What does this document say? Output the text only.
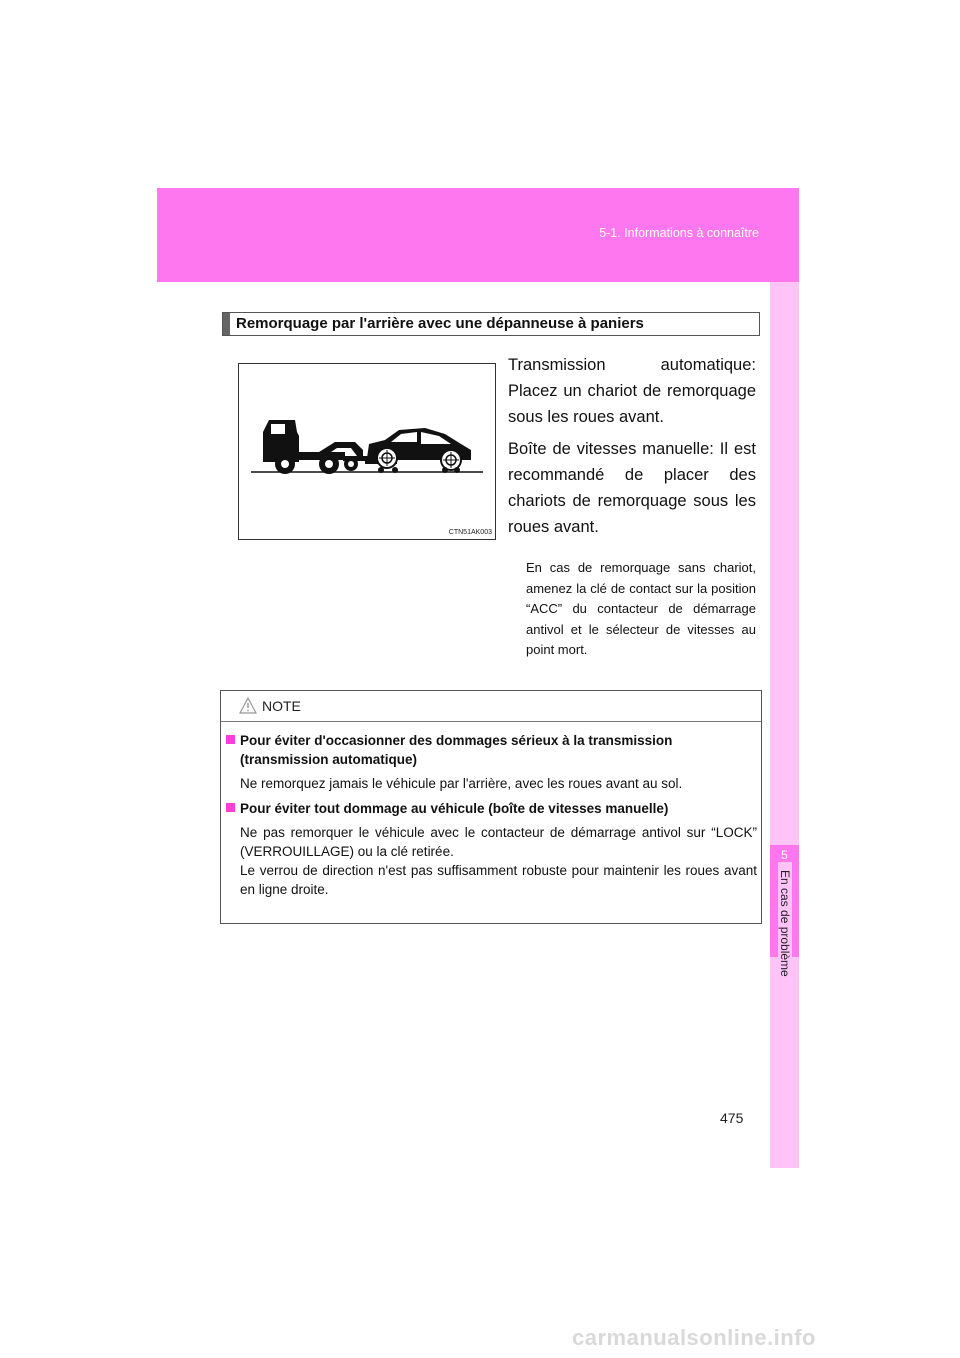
5-1. Informations à connaître
5
En cas de problème
Remorquage par l'arrière avec une dépanneuse à paniers
CTN51AK003

Transmission automatique: Placez un chariot de remorquage sous les roues avant.

Boîte de vitesses manuelle: Il est recommandé de placer des chariots de remorquage sous les roues avant.

En cas de remorquage sans chariot, amenez la clé de contact sur la position “ACC” du contacteur de démarrage antivol et le sélecteur de vitesses au point mort.
NOTE
Pour éviter d'occasionner des dommages sérieux à la transmission (transmission automatique)
Ne remorquez jamais le véhicule par l'arrière, avec les roues avant au sol.
Pour éviter tout dommage au véhicule (boîte de vitesses manuelle)
Ne pas remorquer le véhicule avec le contacteur de démarrage antivol sur “LOCK” (VERROUILLAGE) ou la clé retirée.
Le verrou de direction n'est pas suffisamment robuste pour maintenir les roues avant en ligne droite.
475
carmanualsonline.info
